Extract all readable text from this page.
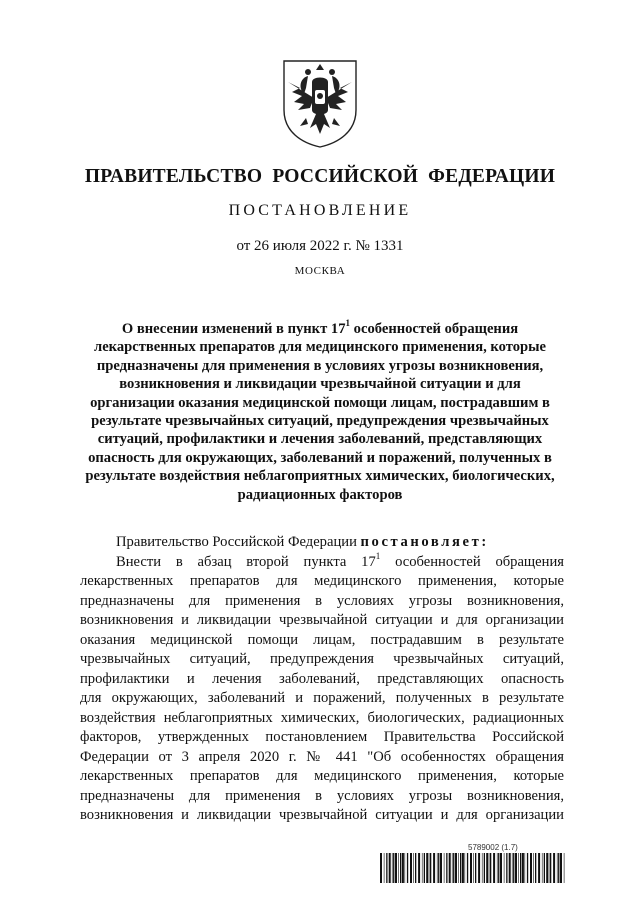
ПРАВИТЕЛЬСТВО РОССИЙСКОЙ ФЕДЕРАЦИИ
ПОСТАНОВЛЕНИЕ
от 26 июля 2022 г. № 1331
МОСКВА
О внесении изменений в пункт $17^1$ особенностей обращения
лекарственных препаратов для медицинского применения, которые
предназначены для применения в условиях угрозы возникновения,
возникновения и ликвидации чрезвычайной ситуации и для
организации оказания медицинской помощи лицам, пострадавшим в
результате чрезвычайных ситуаций, предупреждения чрезвычайных
ситуаций, профилактики и лечения заболеваний, представляющих
опасность для окружающих, заболеваний и поражений, полученных в
результате воздействия неблагоприятных химических, биологических,
радиационных факторов
Правительство Российской Федерации постановляет:
Внести в абзац второй пункта $17^1$ особенностей обращения
лекарственных препаратов для медицинского применения, которые
предназначены для применения в условиях угрозы возникновения,
возникновения и ликвидации чрезвычайной ситуации и для организации
оказания медицинской помощи лицам, пострадавшим в результате
чрезвычайных ситуаций, предупреждения чрезвычайных ситуаций,
профилактики и лечения заболеваний, представляющих опасность
для окружающих, заболеваний и поражений, полученных в результате
воздействия неблагоприятных химических, биологических, радиационных
факторов, утвержденных постановлением Правительства Российской
Федерации от 3 апреля 2020 г. № 441 "Об особенностях обращения
лекарственных препаратов для медицинского применения, которые
предназначены для применения в условиях угрозы возникновения,
возникновения и ликвидации чрезвычайной ситуации и для организации
5789002 (1.7)
